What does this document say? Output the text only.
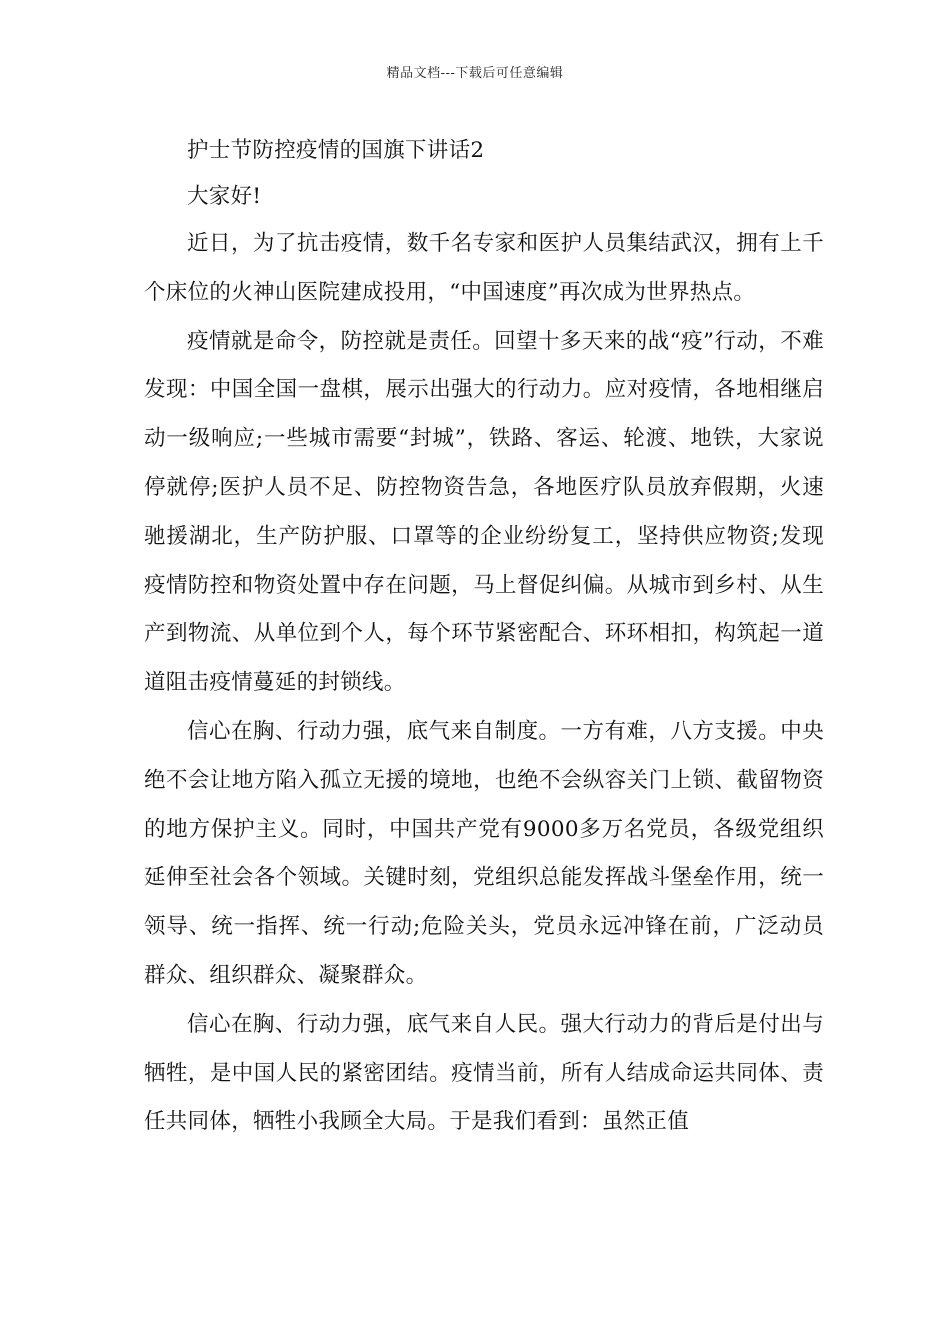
精品文档---下载后可任意编辑

护士节防控疫情的国旗下讲话2

大家好!

近日，为了抗击疫情，数千名专家和医护人员集结武汉，拥有上千个床位的火神山医院建成投用，“中国速度”再次成为世界热点。

疫情就是命令，防控就是责任。回望十多天来的战“疫”行动，不难发现：中国全国一盘棋，展示出强大的行动力。应对疫情，各地相继启动一级响应;一些城市需要“封城”，铁路、客运、轮渡、地铁，大家说停就停;医护人员不足、防控物资告急，各地医疗队员放弃假期，火速驰援湖北，生产防护服、口罩等的企业纷纷复工，坚持供应物资;发现疫情防控和物资处置中存在问题，马上督促纠偏。从城市到乡村、从生产到物流、从单位到个人，每个环节紧密配合、环环相扣，构筑起一道道阻击疫情蔓延的封锁线。

信心在胸、行动力强，底气来自制度。一方有难，八方支援。中央绝不会让地方陷入孤立无援的境地，也绝不会纵容关门上锁、截留物资的地方保护主义。同时，中国共产党有9000多万名党员，各级党组织延伸至社会各个领域。关键时刻，党组织总能发挥战斗堡垒作用，统一领导、统一指挥、统一行动;危险关头，党员永远冲锋在前，广泛动员群众、组织群众、凝聚群众。

信心在胸、行动力强，底气来自人民。强大行动力的背后是付出与牺牲，是中国人民的紧密团结。疫情当前，所有人结成命运共同体、责任共同体，牺牲小我顾全大局。于是我们看到：虽然正值
